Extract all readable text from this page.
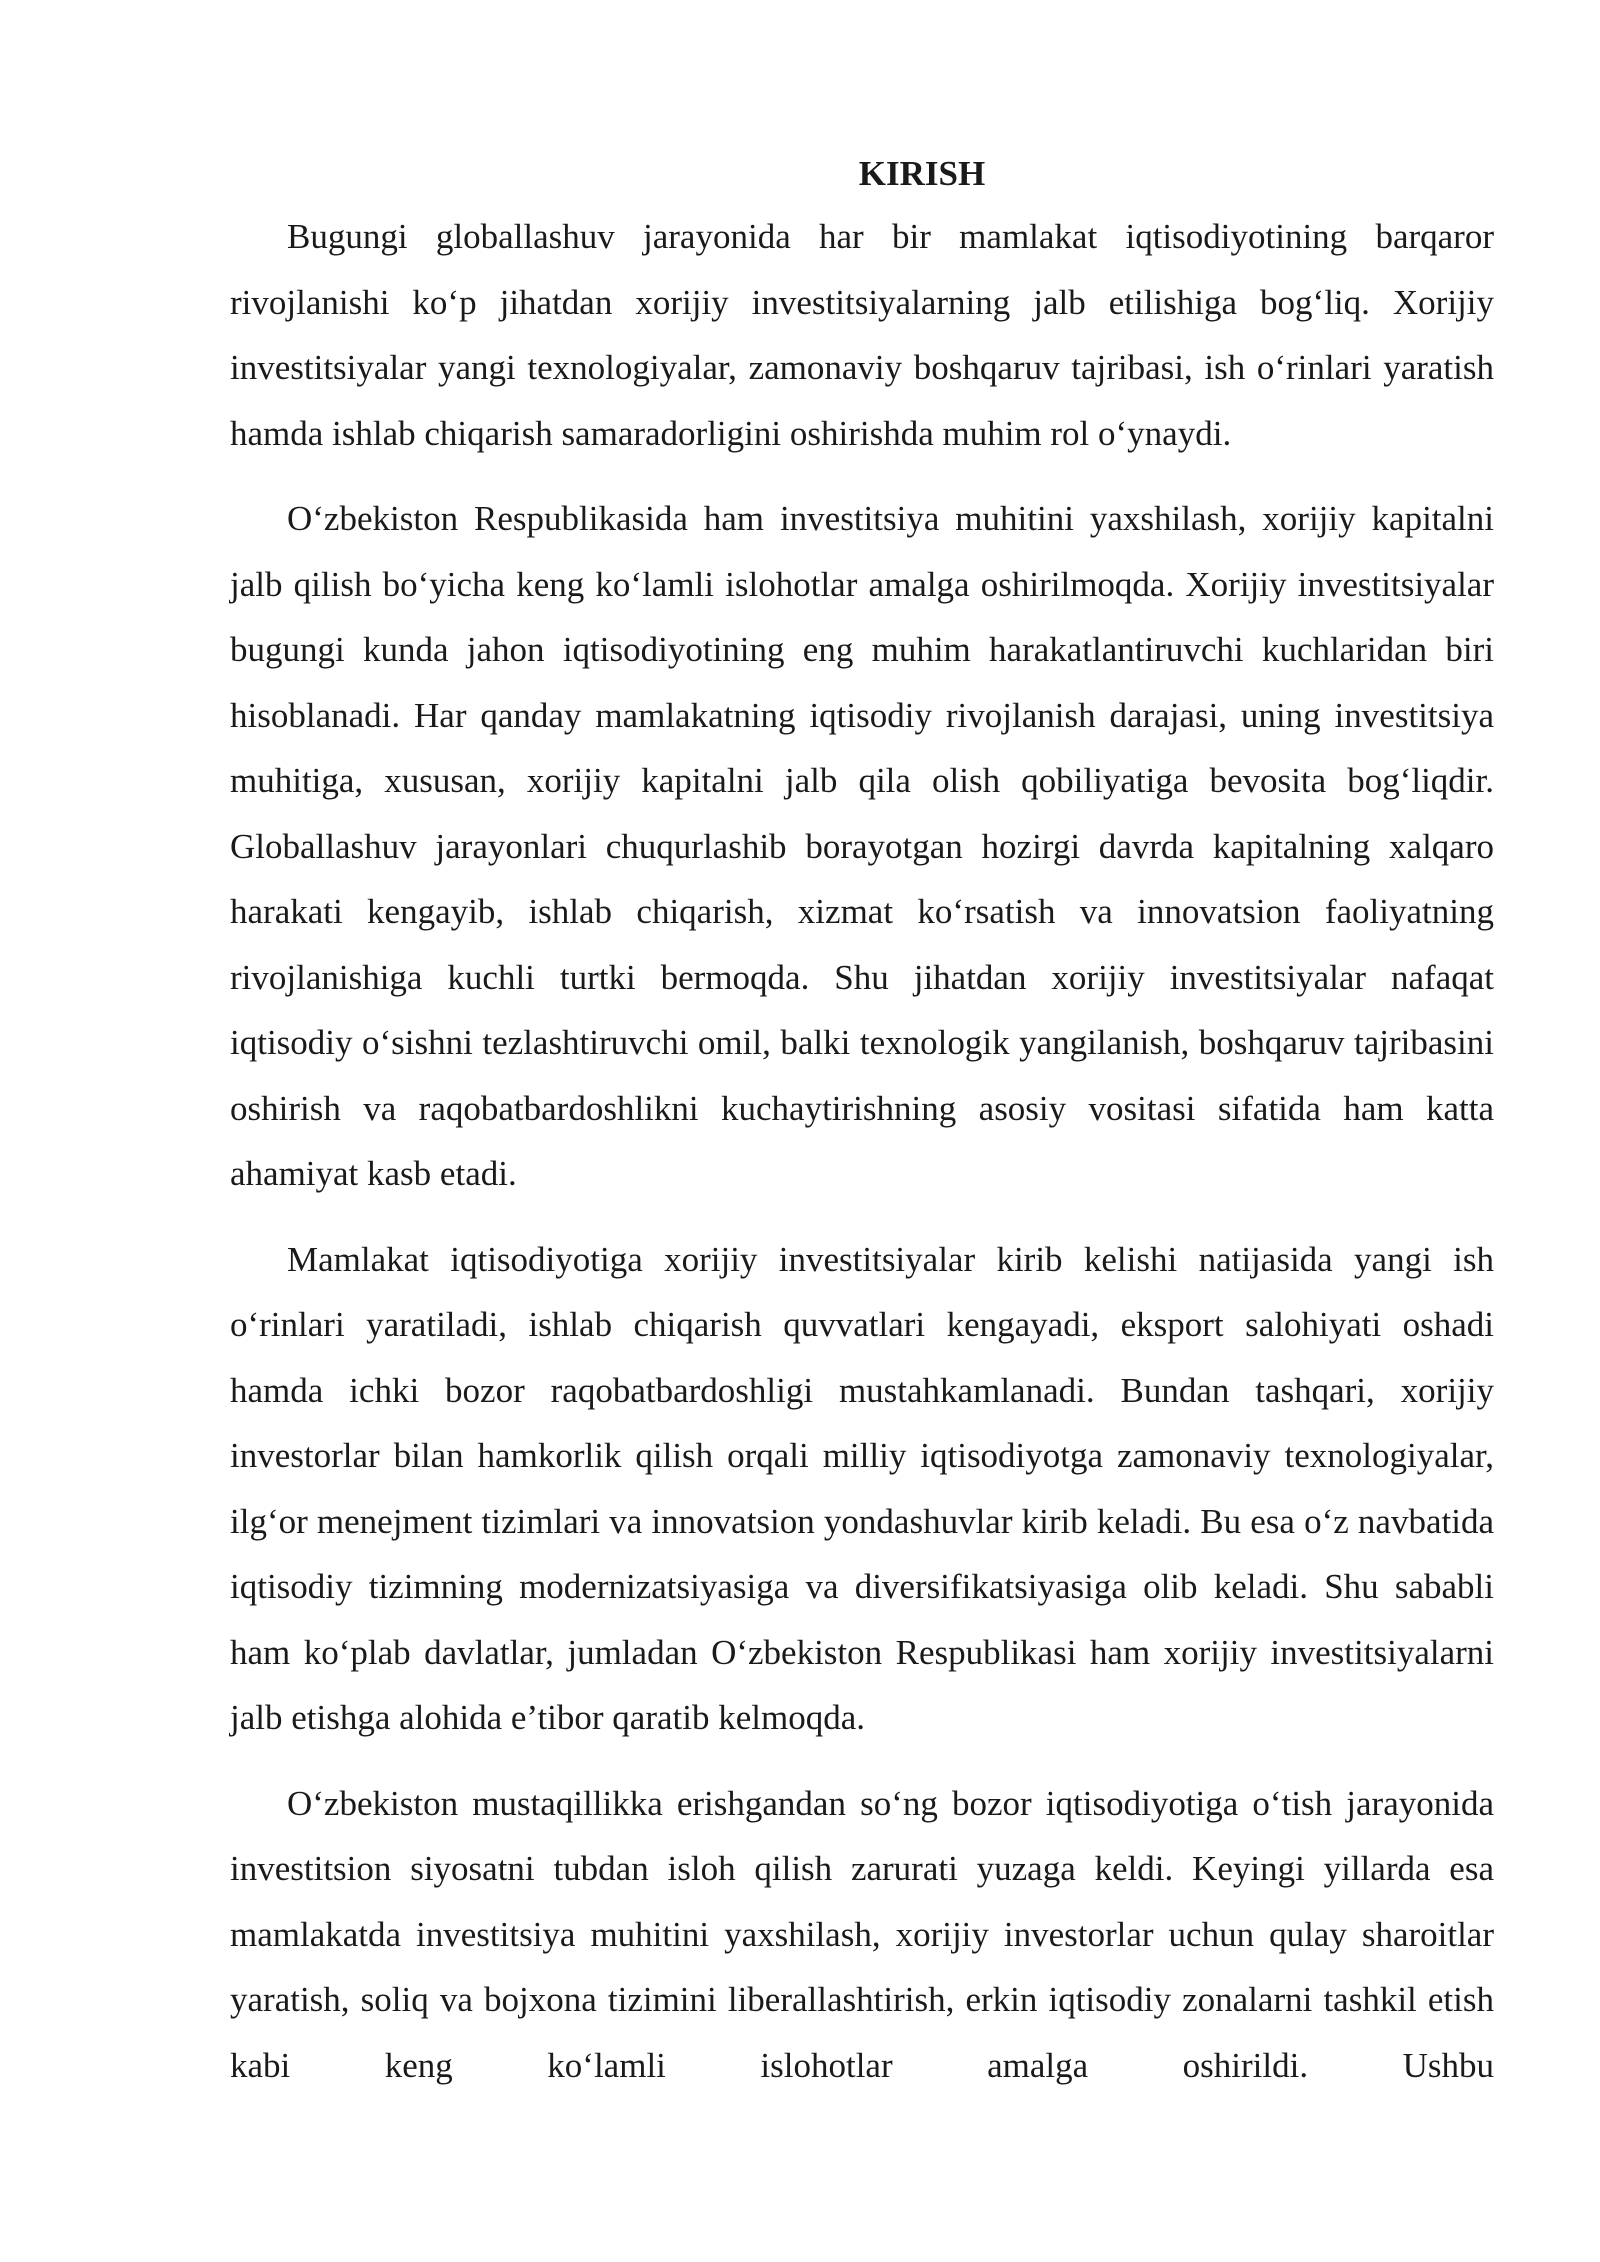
KIRISH

Bugungi globallashuv jarayonida har bir mamlakat iqtisodiyotining barqaror rivojlanishi ko‘p jihatdan xorijiy investitsiyalarning jalb etilishiga bog‘liq. Xorijiy investitsiyalar yangi texnologiyalar, zamonaviy boshqaruv tajribasi, ish o‘rinlari yaratish hamda ishlab chiqarish samaradorligini oshirishda muhim rol o‘ynaydi.

O‘zbekiston Respublikasida ham investitsiya muhitini yaxshilash, xorijiy kapitalni jalb qilish bo‘yicha keng ko‘lamli islohotlar amalga oshirilmoqda. Xorijiy investitsiyalar bugungi kunda jahon iqtisodiyotining eng muhim harakatlantiruvchi kuchlaridan biri hisoblanadi. Har qanday mamlakatning iqtisodiy rivojlanish darajasi, uning investitsiya muhitiga, xususan, xorijiy kapitalni jalb qila olish qobiliyatiga bevosita bog‘liqdir. Globallashuv jarayonlari chuqurlashib borayotgan hozirgi davrda kapitalning xalqaro harakati kengayib, ishlab chiqarish, xizmat ko‘rsatish va innovatsion faoliyatning rivojlanishiga kuchli turtki bermoqda. Shu jihatdan xorijiy investitsiyalar nafaqat iqtisodiy o‘sishni tezlashtiruvchi omil, balki texnologik yangilanish, boshqaruv tajribasini oshirish va raqobatbardoshlikni kuchaytirishning asosiy vositasi sifatida ham katta ahamiyat kasb etadi.

Mamlakat iqtisodiyotiga xorijiy investitsiyalar kirib kelishi natijasida yangi ish o‘rinlari yaratiladi, ishlab chiqarish quvvatlari kengayadi, eksport salohiyati oshadi hamda ichki bozor raqobatbardoshligi mustahkamlanadi. Bundan tashqari, xorijiy investorlar bilan hamkorlik qilish orqali milliy iqtisodiyotga zamonaviy texnologiyalar, ilg‘or menejment tizimlari va innovatsion yondashuvlar kirib keladi. Bu esa o‘z navbatida iqtisodiy tizimning modernizatsiyasiga va diversifikatsiyasiga olib keladi. Shu sababli ham ko‘plab davlatlar, jumladan O‘zbekiston Respublikasi ham xorijiy investitsiyalarni jalb etishga alohida e’tibor qaratib kelmoqda.

O‘zbekiston mustaqillikka erishgandan so‘ng bozor iqtisodiyotiga o‘tish jarayonida investitsion siyosatni tubdan isloh qilish zarurati yuzaga keldi. Keyingi yillarda esa mamlakatda investitsiya muhitini yaxshilash, xorijiy investorlar uchun qulay sharoitlar yaratish, soliq va bojxona tizimini liberallashtirish, erkin iqtisodiy zonalarni tashkil etish kabi keng ko‘lamli islohotlar amalga oshirildi. Ushbu
